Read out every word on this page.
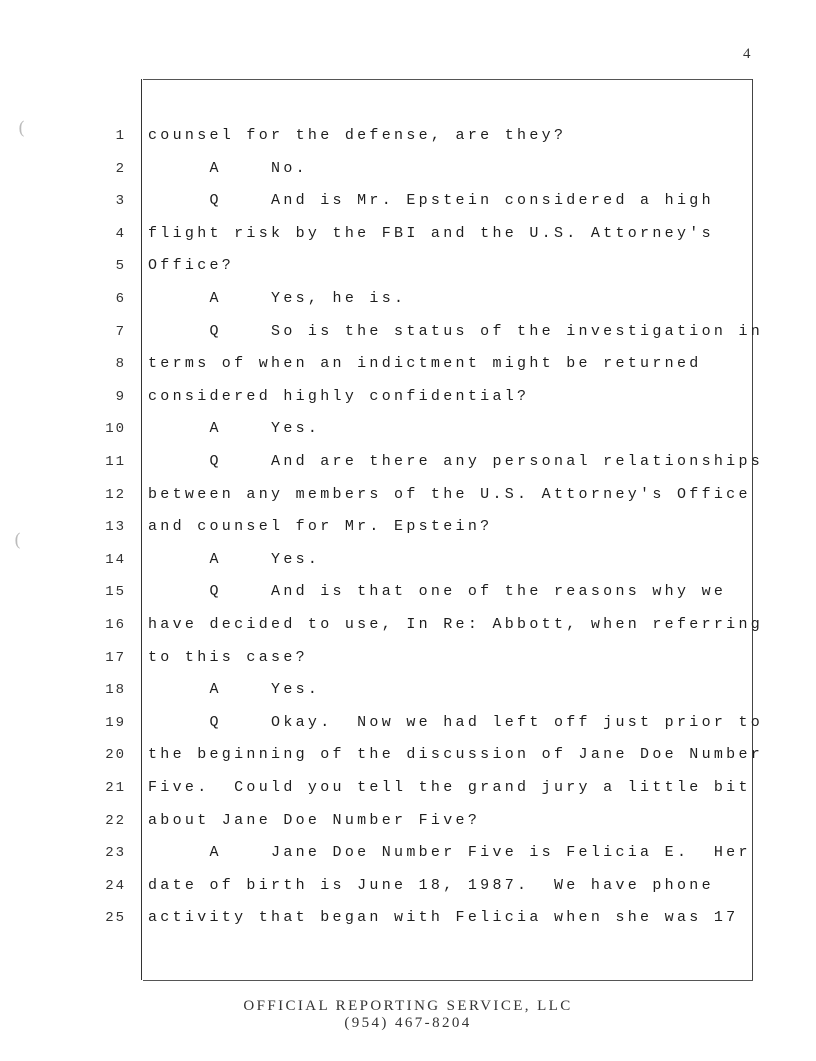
(
(
4
1 counsel for the defense, are they?
2 A    No.
3 Q    And is Mr. Epstein considered a high
4 flight risk by the FBI and the U.S. Attorney's
5 Office?
6 A    Yes, he is.
7 Q    So is the status of the investigation in
8 terms of when an indictment might be returned
9 considered highly confidential?
10 A    Yes.
11 Q    And are there any personal relationships
12 between any members of the U.S. Attorney's Office
13 and counsel for Mr. Epstein?
14 A    Yes.
15 Q    And is that one of the reasons why we
16 have decided to use, In Re: Abbott, when referring
17 to this case?
18 A    Yes.
19 Q    Okay.  Now we had left off just prior to
20 the beginning of the discussion of Jane Doe Number
21 Five.  Could you tell the grand jury a little bit
22 about Jane Doe Number Five?
23 A    Jane Doe Number Five is Felicia E.  Her
24 date of birth is June 18, 1987.  We have phone
25 activity that began with Felicia when she was 17
OFFICIAL REPORTING SERVICE, LLC
(954) 467-8204
